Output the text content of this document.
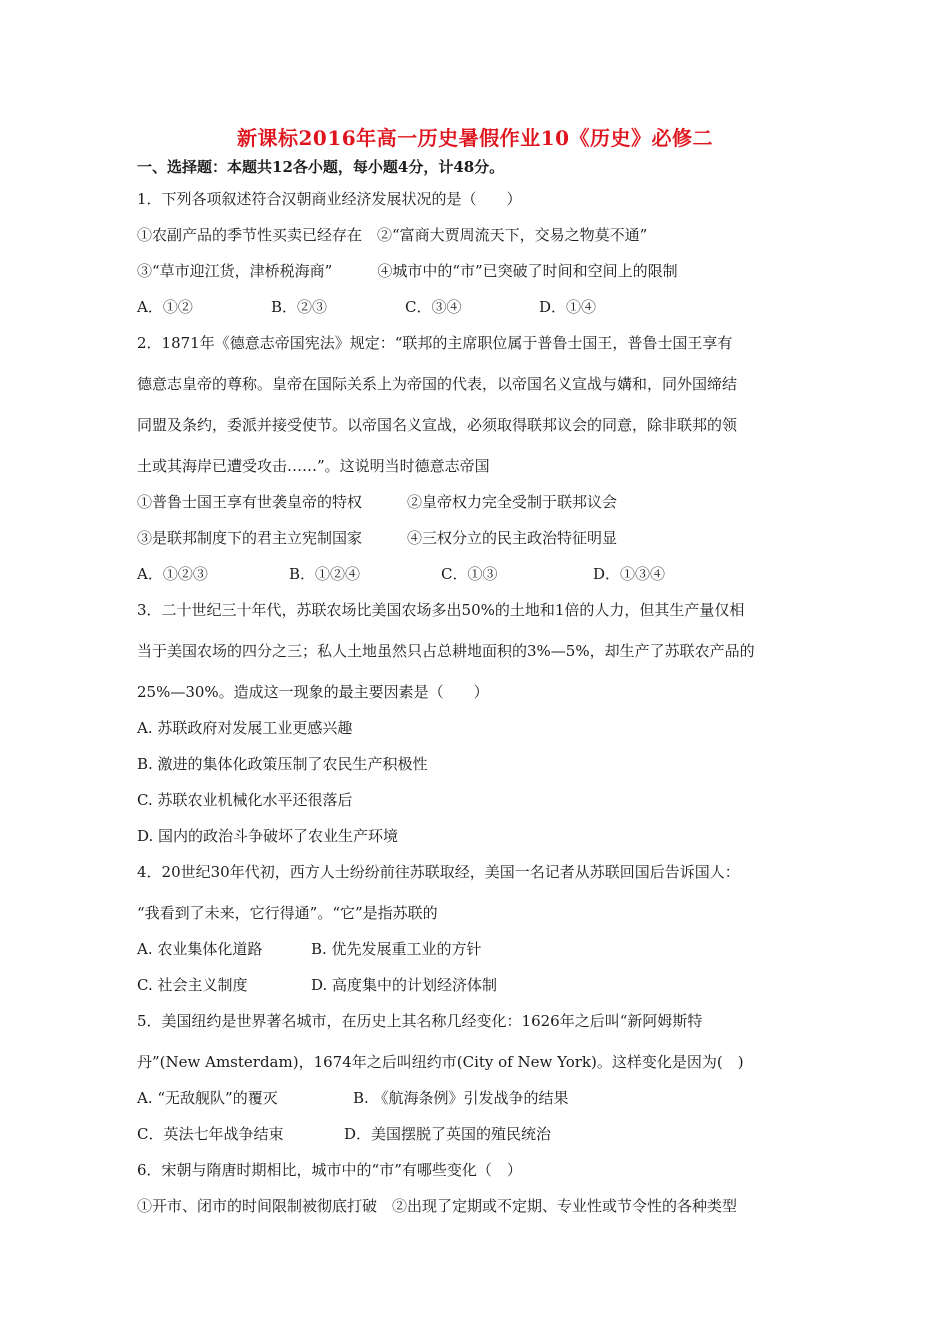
新课标2016年高一历史暑假作业10《历史》必修二
一、选择题：本题共12各小题，每小题4分，计48分。
1．下列各项叙述符合汉朝商业经济发展状况的是（　　）
①农副产品的季节性买卖已经存在　②“富商大贾周流天下，交易之物莫不通”
③“草市迎江货，津桥税海商”　　　④城市中的“市”已突破了时间和空间上的限制
A．①②	B．②③	C．③④	D．①④
2．1871年《德意志帝国宪法》规定：“联邦的主席职位属于普鲁士国王，普鲁士国王享有
德意志皇帝的尊称。皇帝在国际关系上为帝国的代表，以帝国名义宣战与媾和，同外国缔结
同盟及条约，委派并接受使节。以帝国名义宣战，必须取得联邦议会的同意，除非联邦的领
土或其海岸已遭受攻击……”。这说明当时德意志帝国
①普鲁士国王享有世袭皇帝的特权　　　②皇帝权力完全受制于联邦议会
③是联邦制度下的君主立宪制国家　　　④三权分立的民主政治特征明显
A．①②③	B．①②④	C．①③	D．①③④
3．二十世纪三十年代，苏联农场比美国农场多出50%的土地和1倍的人力，但其生产量仅相
当于美国农场的四分之三；私人土地虽然只占总耕地面积的3%—5%，却生产了苏联农产品的
25%—30%。造成这一现象的最主要因素是（　　）
A. 苏联政府对发展工业更感兴趣
B. 激进的集体化政策压制了农民生产积极性
C. 苏联农业机械化水平还很落后
D. 国内的政治斗争破坏了农业生产环境
4．20世纪30年代初，西方人士纷纷前往苏联取经，美国一名记者从苏联回国后告诉国人：
“我看到了未来，它行得通”。“它”是指苏联的
A. 农业集体化道路	B. 优先发展重工业的方针
C. 社会主义制度	D. 高度集中的计划经济体制
5．美国纽约是世界著名城市，在历史上其名称几经变化：1626年之后叫“新阿姆斯特
丹”(New Amsterdam)，1674年之后叫纽约市(City of New York)。这样变化是因为(　)
A. “无敌舰队”的覆灭	B. 《航海条例》引发战争的结果
C．英法七年战争结束	D．美国摆脱了英国的殖民统治
6．宋朝与隋唐时期相比，城市中的“市”有哪些变化（　）
①开市、闭市的时间限制被彻底打破　②出现了定期或不定期、专业性或节令性的各种类型
